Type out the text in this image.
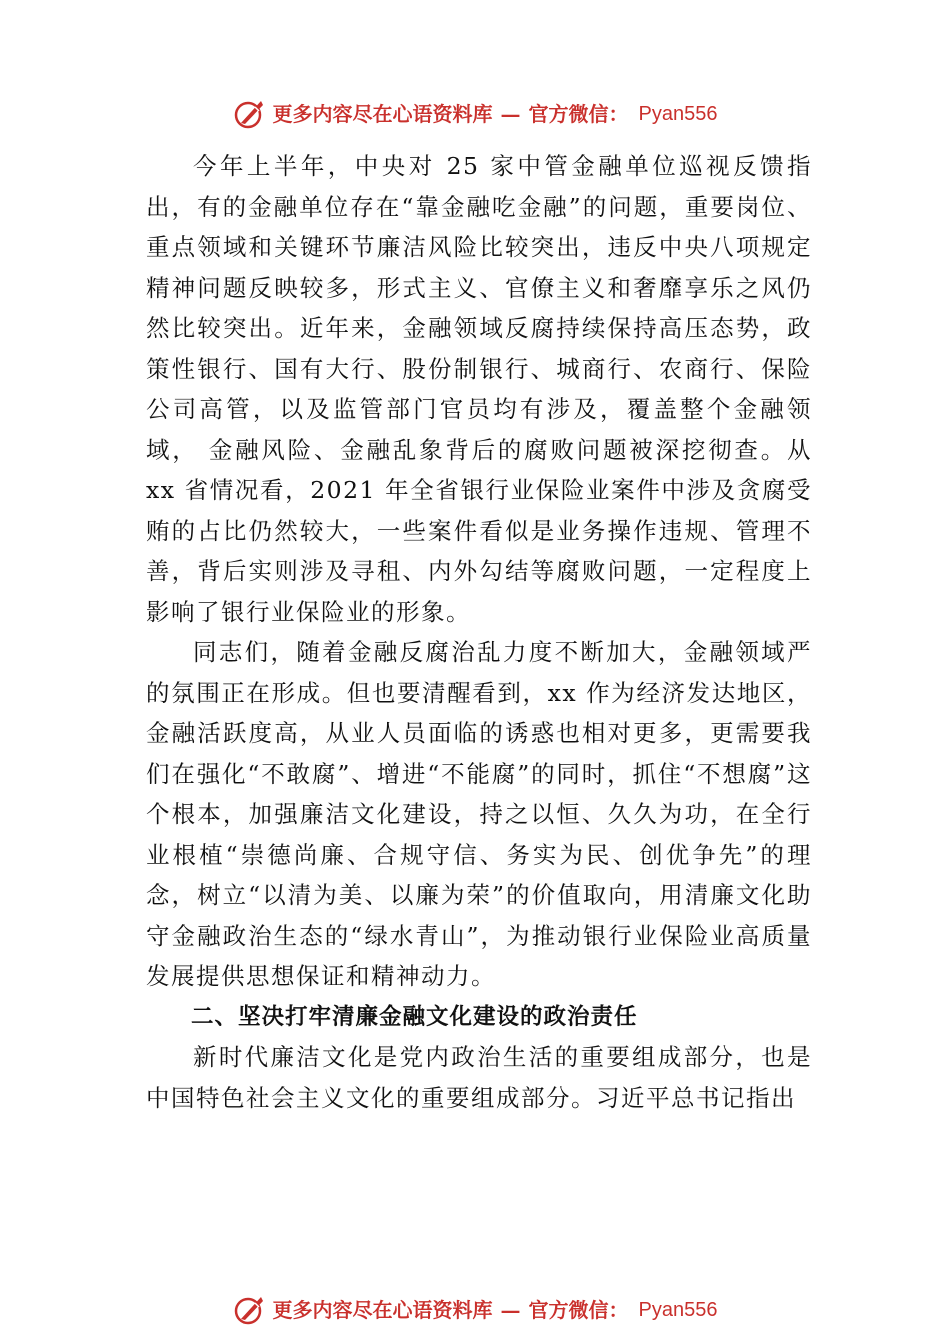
更多内容尽在心语资料库 — 官方微信： Pyan556

今年上半年，中央对 25 家中管金融单位巡视反馈指出，有的金融单位存在“靠金融吃金融”的问题，重要岗位、重点领域和关键环节廉洁风险比较突出，违反中央八项规定精神问题反映较多，形式主义、官僚主义和奢靡享乐之风仍然比较突出。近年来，金融领域反腐持续保持高压态势，政策性银行、国有大行、股份制银行、城商行、农商行、保险公司高管，以及监管部门官员均有涉及，覆盖整个金融领域， 金融风险、金融乱象背后的腐败问题被深挖彻查。从 xx 省情况看，2021 年全省银行业保险业案件中涉及贪腐受贿的占比仍然较大，一些案件看似是业务操作违规、管理不善，背后实则涉及寻租、内外勾结等腐败问题，一定程度上影响了银行业保险业的形象。

同志们，随着金融反腐治乱力度不断加大，金融领域严的氛围正在形成。但也要清醒看到，xx 作为经济发达地区，金融活跃度高，从业人员面临的诱惑也相对更多，更需要我们在强化“不敢腐”、增进“不能腐”的同时，抓住“不想腐”这个根本，加强廉洁文化建设，持之以恒、久久为功，在全行业根植“崇德尚廉、合规守信、务实为民、创优争先”的理念，树立“以清为美、以廉为荣”的价值取向，用清廉文化助守金融政治生态的“绿水青山”，为推动银行业保险业高质量发展提供思想保证和精神动力。

二、坚决打牢清廉金融文化建设的政治责任

新时代廉洁文化是党内政治生活的重要组成部分，也是中国特色社会主义文化的重要组成部分。习近平总书记指出

更多内容尽在心语资料库 — 官方微信： Pyan556
